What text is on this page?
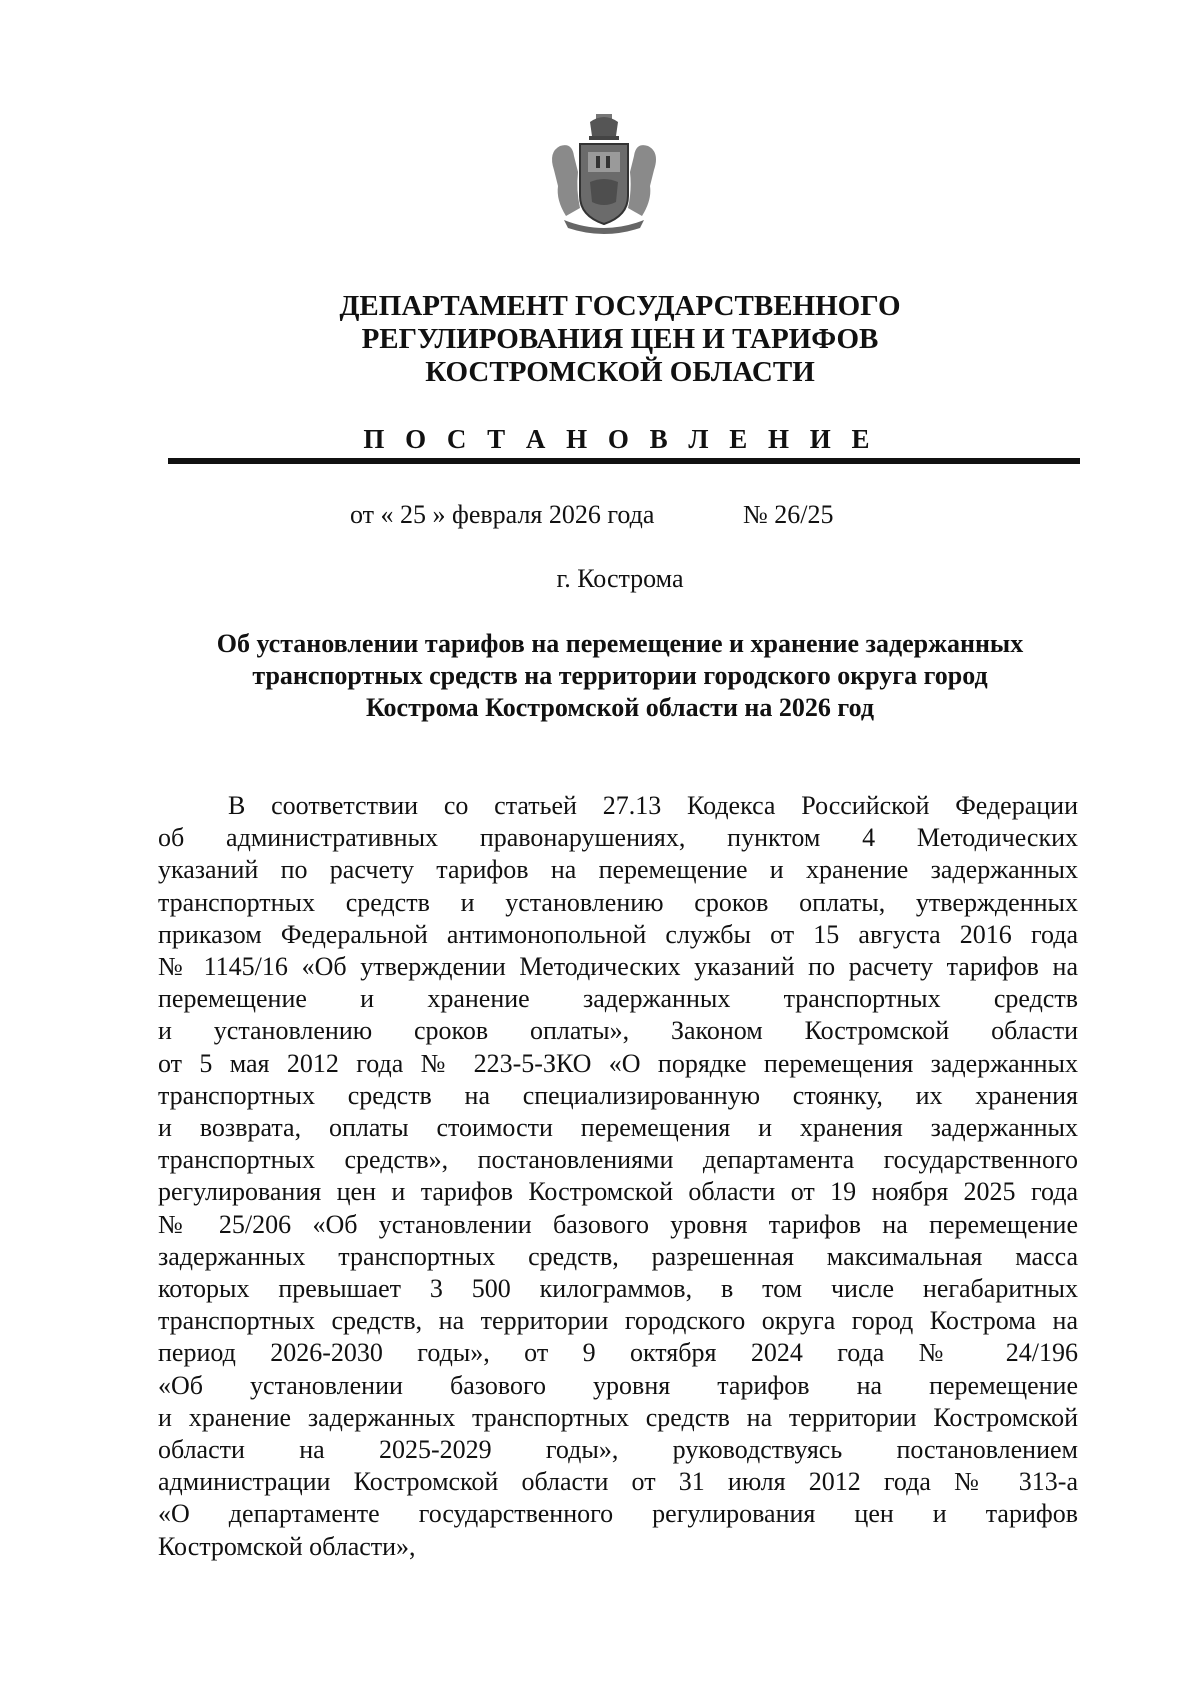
ДЕПАРТАМЕНТ ГОСУДАРСТВЕННОГО
РЕГУЛИРОВАНИЯ ЦЕН И ТАРИФОВ
КОСТРОМСКОЙ ОБЛАСТИ
П О С Т А Н О В Л Е Н И Е
от « 25 » февраля 2026 года	№ 26/25
г. Кострома
Об установлении тарифов на перемещение и хранение задержанных
транспортных средств на территории городского округа город
Кострома Костромской области на 2026 год
В соответствии со статьей 27.13 Кодекса Российской Федерации
об административных правонарушениях, пунктом 4 Методических
указаний по расчету тарифов на перемещение и хранение задержанных
транспортных средств и установлению сроков оплаты, утвержденных
приказом Федеральной антимонопольной службы от 15 августа 2016 года
№ 1145/16 «Об утверждении Методических указаний по расчету тарифов на
перемещение и хранение задержанных транспортных средств
и установлению сроков оплаты», Законом Костромской области
от 5 мая 2012 года № 223-5-ЗКО «О порядке перемещения задержанных
транспортных средств на специализированную стоянку, их хранения
и возврата, оплаты стоимости перемещения и хранения задержанных
транспортных средств», постановлениями департамента государственного
регулирования цен и тарифов Костромской области от 19 ноября 2025 года
№ 25/206 «Об установлении базового уровня тарифов на перемещение
задержанных транспортных средств, разрешенная максимальная масса
которых превышает 3 500 килограммов, в том числе негабаритных
транспортных средств, на территории городского округа город Кострома на
период 2026-2030 годы», от 9 октября 2024 года № 24/196
«Об установлении базового уровня тарифов на перемещение
и хранение задержанных транспортных средств на территории Костромской
области на 2025-2029 годы», руководствуясь постановлением
администрации Костромской области от 31 июля 2012 года № 313-а
«О департаменте государственного регулирования цен и тарифов
Костромской области»,
